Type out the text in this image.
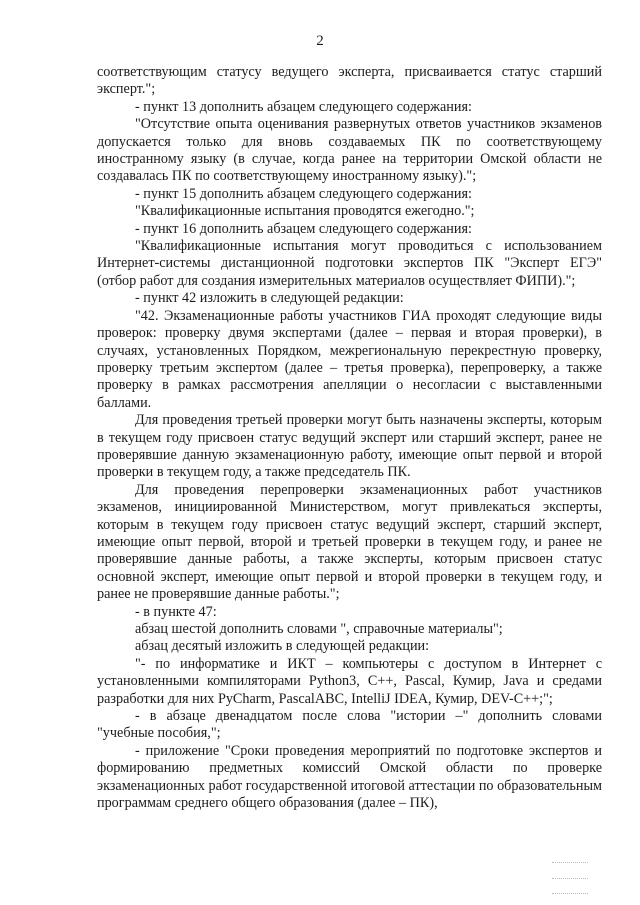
2

соответствующим статусу ведущего эксперта, присваивается статус старший эксперт.";

- пункт 13 дополнить абзацем следующего содержания:

"Отсутствие опыта оценивания развернутых ответов участников экзаменов допускается только для вновь создаваемых ПК по соответствующему иностранному языку (в случае, когда ранее на территории Омской области не создавалась ПК по соответствующему иностранному языку).";

- пункт 15 дополнить абзацем следующего содержания:

"Квалификационные испытания проводятся ежегодно.";

- пункт 16 дополнить абзацем следующего содержания:

"Квалификационные испытания могут проводиться с использованием Интернет-системы дистанционной подготовки экспертов ПК "Эксперт ЕГЭ" (отбор работ для создания измерительных материалов осуществляет ФИПИ).";

- пункт 42 изложить в следующей редакции:

"42. Экзаменационные работы участников ГИА проходят следующие виды проверок: проверку двумя экспертами (далее – первая и вторая проверки), в случаях, установленных Порядком, межрегиональную перекрестную проверку, проверку третьим экспертом (далее – третья проверка), перепроверку, а также проверку в рамках рассмотрения апелляции о несогласии с выставленными баллами.

Для проведения третьей проверки могут быть назначены эксперты, которым в текущем году присвоен статус ведущий эксперт или старший эксперт, ранее не проверявшие данную экзаменационную работу, имеющие опыт первой и второй проверки в текущем году, а также председатель ПК.

Для проведения перепроверки экзаменационных работ участников экзаменов, инициированной Министерством, могут привлекаться эксперты, которым в текущем году присвоен статус ведущий эксперт, старший эксперт, имеющие опыт первой, второй и третьей проверки в текущем году, и ранее не проверявшие данные работы, а также эксперты, которым присвоен статус основной эксперт, имеющие опыт первой и второй проверки в текущем году, и ранее не проверявшие данные работы.";

- в пункте 47:

абзац шестой дополнить словами ", справочные материалы";

абзац десятый изложить в следующей редакции:

"- по информатике и ИКТ – компьютеры с доступом в Интернет с установленными компиляторами Python3, С++, Pascal, Кумир, Java и средами разработки для них PyCharm, PascalABC, IntelliJ IDEA, Кумир, DEV-C++;";

- в абзаце двенадцатом после слова "истории –" дополнить словами "учебные пособия,";

- приложение "Сроки проведения мероприятий по подготовке экспертов и формированию предметных комиссий Омской области по проверке экзаменационных работ государственной итоговой аттестации по образовательным программам среднего общего образования (далее – ПК),
